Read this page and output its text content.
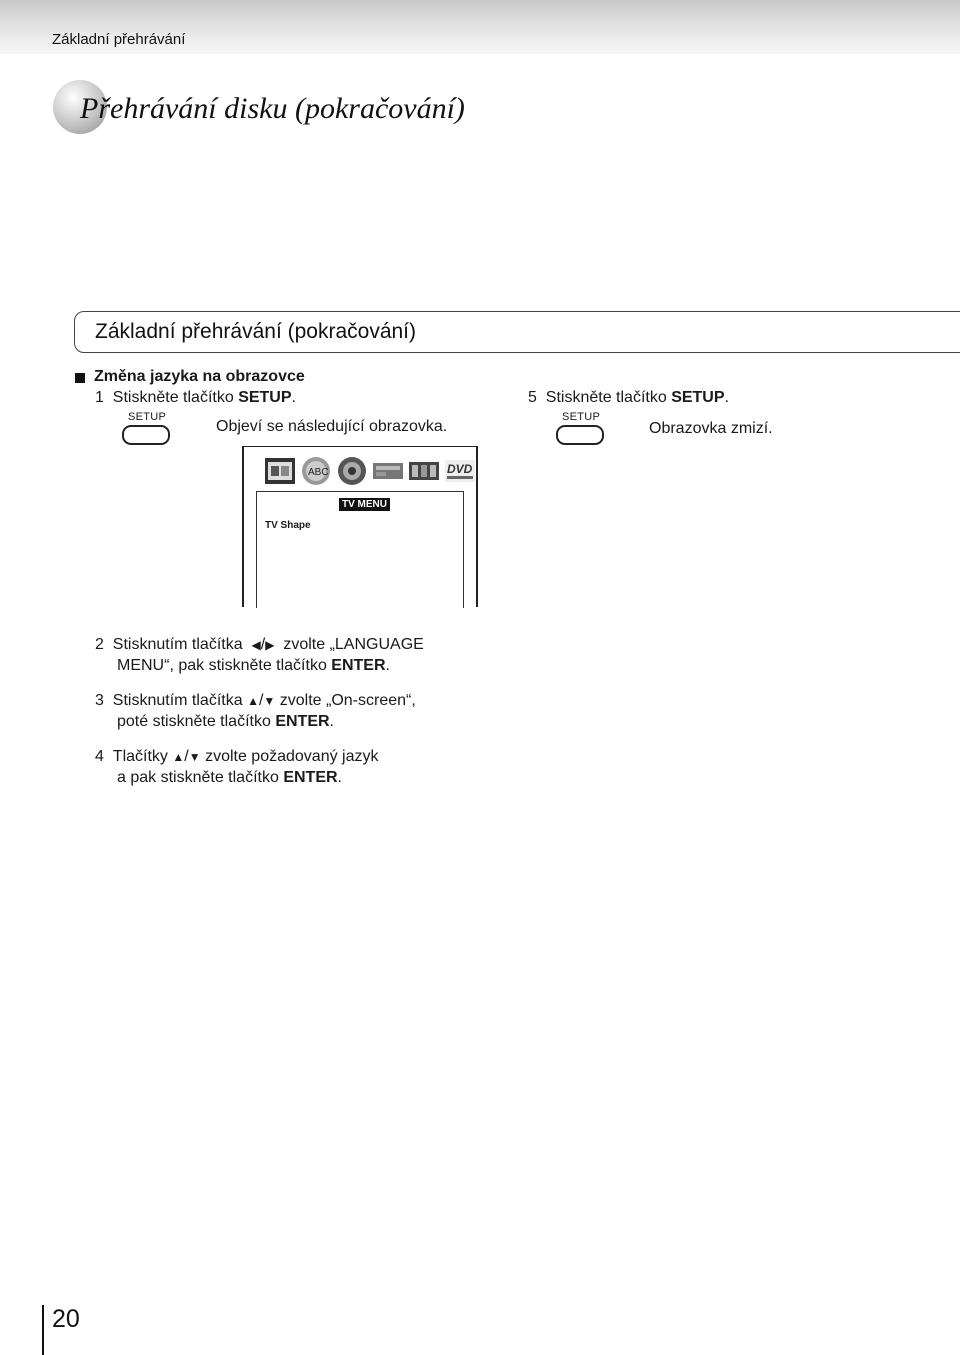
Základní přehrávání
Přehrávání disku (pokračování)
Základní přehrávání (pokračování)
Změna jazyka na obrazovce
1 Stiskněte tlačítko SETUP.
SETUP
Objeví se následující obrazovka.
5 Stiskněte tlačítko SETUP.
SETUP
Obrazovka zmizí.
ABC	DVD
TV MENU
TV Shape
2 Stisknutím tlačítka ◀/▶ zvolte „LANGUAGE
MENU“, pak stiskněte tlačítko ENTER.
3 Stisknutím tlačítka ▲/▼ zvolte „On-screen“,
poté stiskněte tlačítko ENTER.
4 Tlačítky ▲/▼ zvolte požadovaný jazyk
a pak stiskněte tlačítko ENTER.
20
